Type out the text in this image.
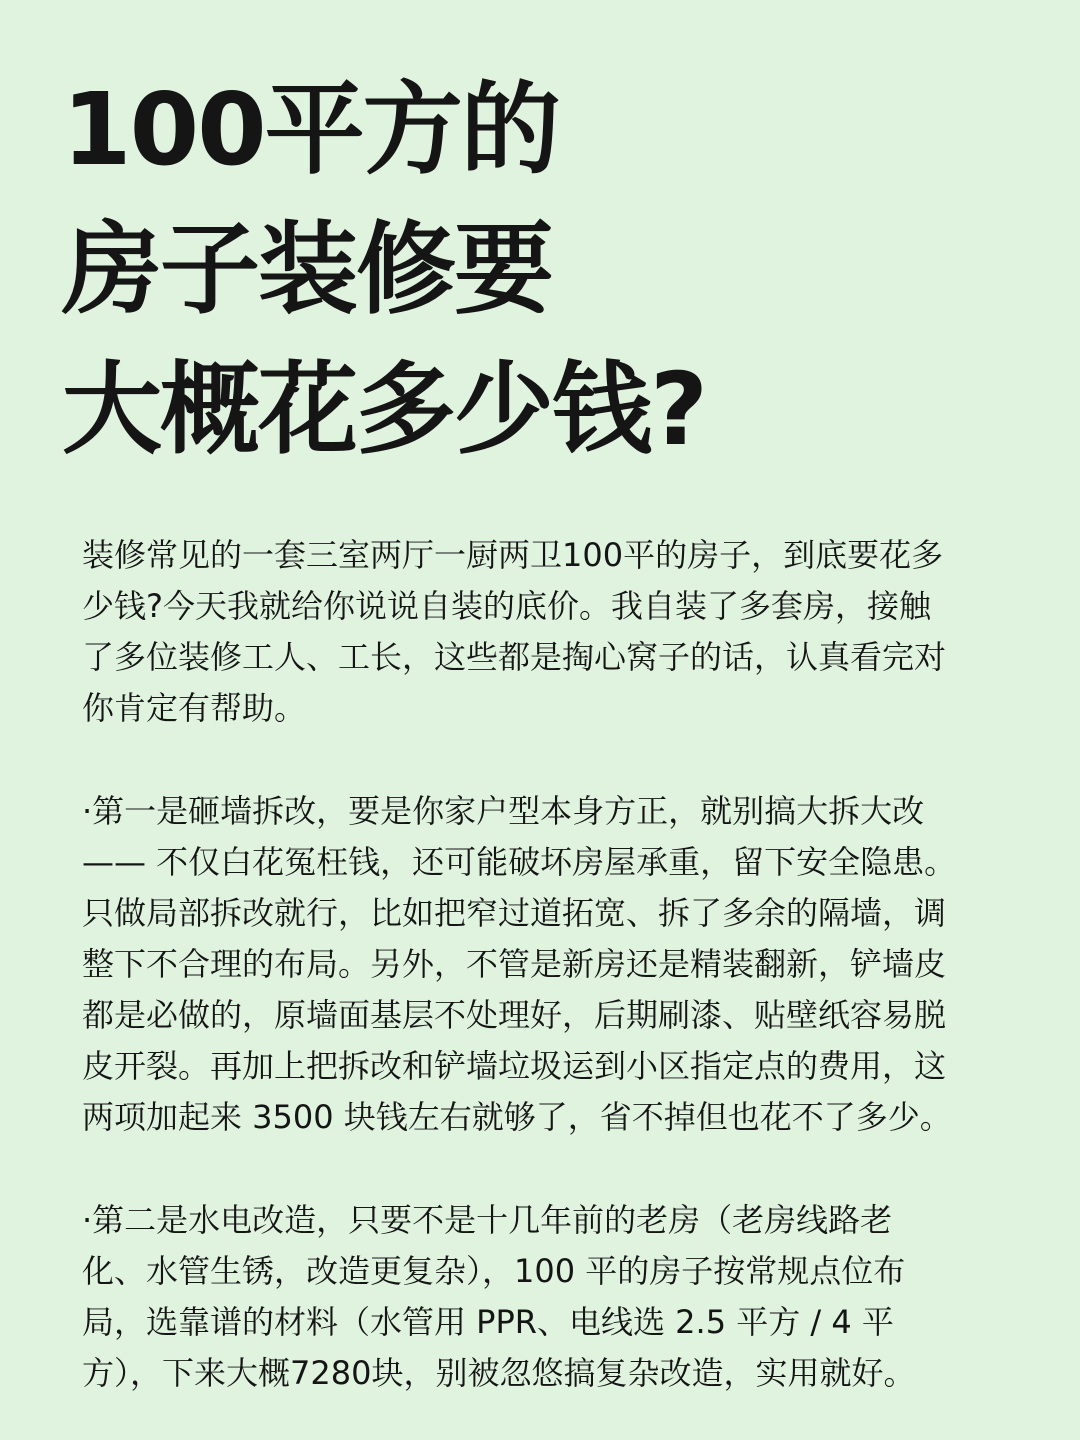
100平方的
房子装修要
大概花多少钱?

装修常见的一套三室两厅一厨两卫100平的房子，到底要花多
少钱?今天我就给你说说自装的底价。我自装了多套房，接触
了多位装修工人、工长，这些都是掏心窝子的话，认真看完对
你肯定有帮助。

·第一是砸墙拆改，要是你家户型本身方正，就别搞大拆大改
—— 不仅白花冤枉钱，还可能破坏房屋承重，留下安全隐患。
只做局部拆改就行，比如把窄过道拓宽、拆了多余的隔墙，调
整下不合理的布局。另外，不管是新房还是精装翻新，铲墙皮
都是必做的，原墙面基层不处理好，后期刷漆、贴壁纸容易脱
皮开裂。再加上把拆改和铲墙垃圾运到小区指定点的费用，这
两项加起来 3500 块钱左右就够了，省不掉但也花不了多少。

·第二是水电改造，只要不是十几年前的老房（老房线路老
化、水管生锈，改造更复杂），100 平的房子按常规点位布
局，选靠谱的材料（水管用 PPR、电线选 2.5 平方 / 4 平
方），下来大概7280块，别被忽悠搞复杂改造，实用就好。
